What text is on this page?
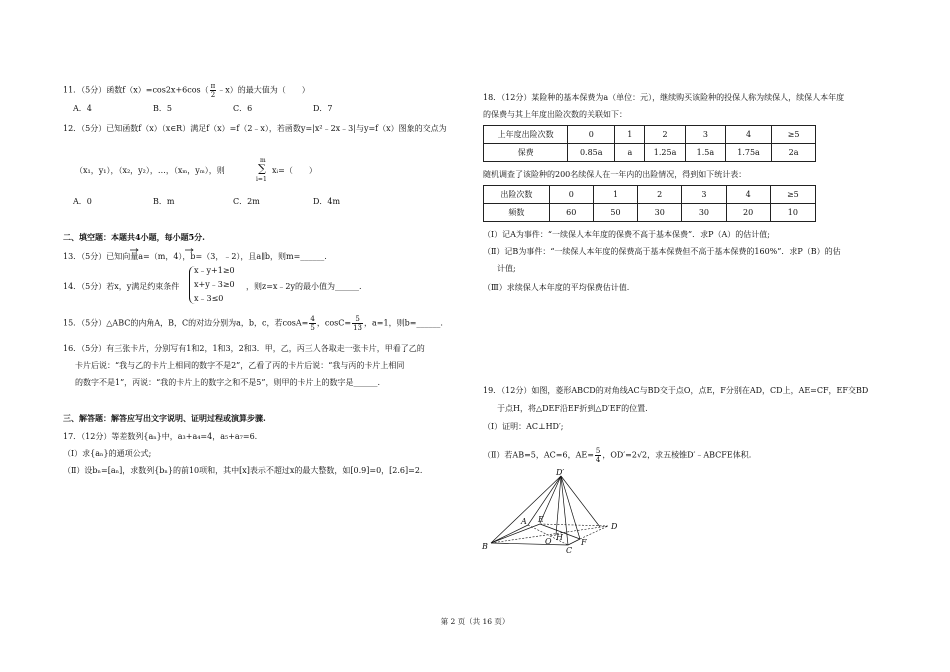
11．（5分）函数$f(x)=\cos 2x+6\cos( \frac{\pi}{2}$ ﹣x）的最大值为（　　）
A．4	B．5	C．6	D．7
12．（5分）已知函数f（x）（x∈R）满足f（x）=f（2﹣x），若函数y=|x²﹣2x﹣3|与y=f（x）图象的交点为
（x₁，y₁），（x₂，y₂），…，（xₘ，yₘ），则
m
∑
i=1
xᵢ=（　　）
A．0	B．m	C．2m	D．4m
二、填空题：本题共4小题，每小题5分.
13．（5分）已知向量a=（m，4），b=（3，﹣2），且a∥b，则m=______.
14．（5分）若x，y满足约束条件
x﹣y+1≥0
x+y﹣3≥0
x﹣3≤0
，则z=x﹣2y的最小值为______.
15．（5分）△ABC的内角A，B，C的对边分别为a，b，c，若$\cos A= \frac{4}{5}$ ，$\cos C= \frac{5}{13}$ ，a=1，则b=______.
16．（5分）有三张卡片，分别写有1和2，1和3，2和3．甲，乙，丙三人各取走一张卡片，甲看了乙的
卡片后说：“我与乙的卡片上相同的数字不是2”，乙看了丙的卡片后说：“我与丙的卡片上相同
的数字不是1”，丙说：“我的卡片上的数字之和不是5”，则甲的卡片上的数字是______.
三、解答题：解答应写出文字说明、证明过程或演算步骤.
17．（12分）等差数列{aₙ}中，a₃+a₄=4，a₅+a₇=6.
（Ⅰ）求{aₙ}的通项公式;
（Ⅱ）设bₙ=[aₙ]，求数列{bₙ}的前10项和，其中[x]表示不超过x的最大整数，如[0.9]=0，[2.6]=2.
18．（12分）某险种的基本保费为a（单位：元），继续购买该险种的投保人称为续保人，续保人本年度
的保费与其上年度出险次数的关联如下：
上年度出险次数	0	1	2	3	4	≥5
保费	0.85a	a	1.25a	1.5a	1.75a	2a
随机调查了该险种的200名续保人在一年内的出险情况，得到如下统计表：
出险次数	0	1	2	3	4	≥5
频数	60	50	30	30	20	10
（Ⅰ）记A为事件：“一续保人本年度的保费不高于基本保费”．求P（A）的估计值;
（Ⅱ）记B为事件：“一续保人本年度的保费高于基本保费但不高于基本保费的160%”．求P（B）的估
计值;
（Ⅲ）求续保人本年度的平均保费估计值.
19．（12分）如图，菱形ABCD的对角线AC与BD交于点O，点E，F分别在AD，CD上，AE=CF，EF交BD
于点H，将△DEF沿EF折到△D′EF的位置.
（Ⅰ）证明：AC⊥HD′;
（Ⅱ）若AB=5，AC=6，$AE= \frac{5}{4}$ ，OD′=2√2，求五棱锥D′﹣ABCFE体积.
D′
A E
H
O
C
F
B
D
第 2 页（共 16 页）
